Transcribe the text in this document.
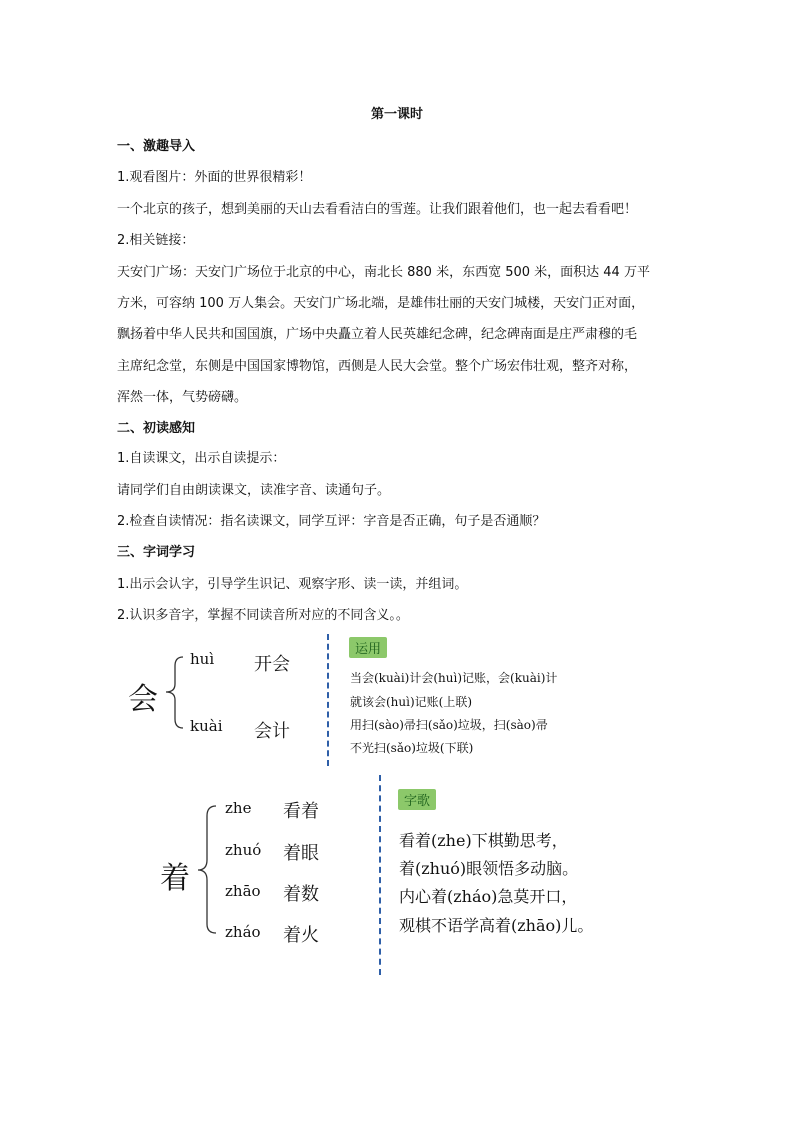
第一课时
一、激趣导入
1.观看图片：外面的世界很精彩！
一个北京的孩子，想到美丽的天山去看看洁白的雪莲。让我们跟着他们，也一起去看看吧！
2.相关链接：
天安门广场：天安门广场位于北京的中心，南北长 880 米，东西宽 500 米，面积达 44 万平
方米，可容纳 100 万人集会。天安门广场北端，是雄伟壮丽的天安门城楼，天安门正对面，
飘扬着中华人民共和国国旗，广场中央矗立着人民英雄纪念碑，纪念碑南面是庄严肃穆的毛
主席纪念堂，东侧是中国国家博物馆，西侧是人民大会堂。整个广场宏伟壮观，整齐对称，
浑然一体，气势磅礴。
二、初读感知
1.自读课文，出示自读提示：
请同学们自由朗读课文，读准字音、读通句子。
2.检查自读情况：指名读课文，同学互评：字音是否正确，句子是否通顺？
三、字词学习
1.出示会认字，引导学生识记、观察字形、读一读，并组词。
2.认识多音字，掌握不同读音所对应的不同含义。。
会
huì 开会
kuài 会计
运用
当会(kuài)计会(huì)记账，会(kuài)计
就该会(huì)记账(上联)
用扫(sào)帚扫(sǎo)垃圾，扫(sào)帚
不光扫(sǎo)垃圾(下联)
着
zhe 看着
zhuó 着眼
zhāo 着数
zháo 着火
字歌
看着(zhe)下棋勤思考，
着(zhuó)眼领悟多动脑。
内心着(zháo)急莫开口，
观棋不语学高着(zhāo)儿。
